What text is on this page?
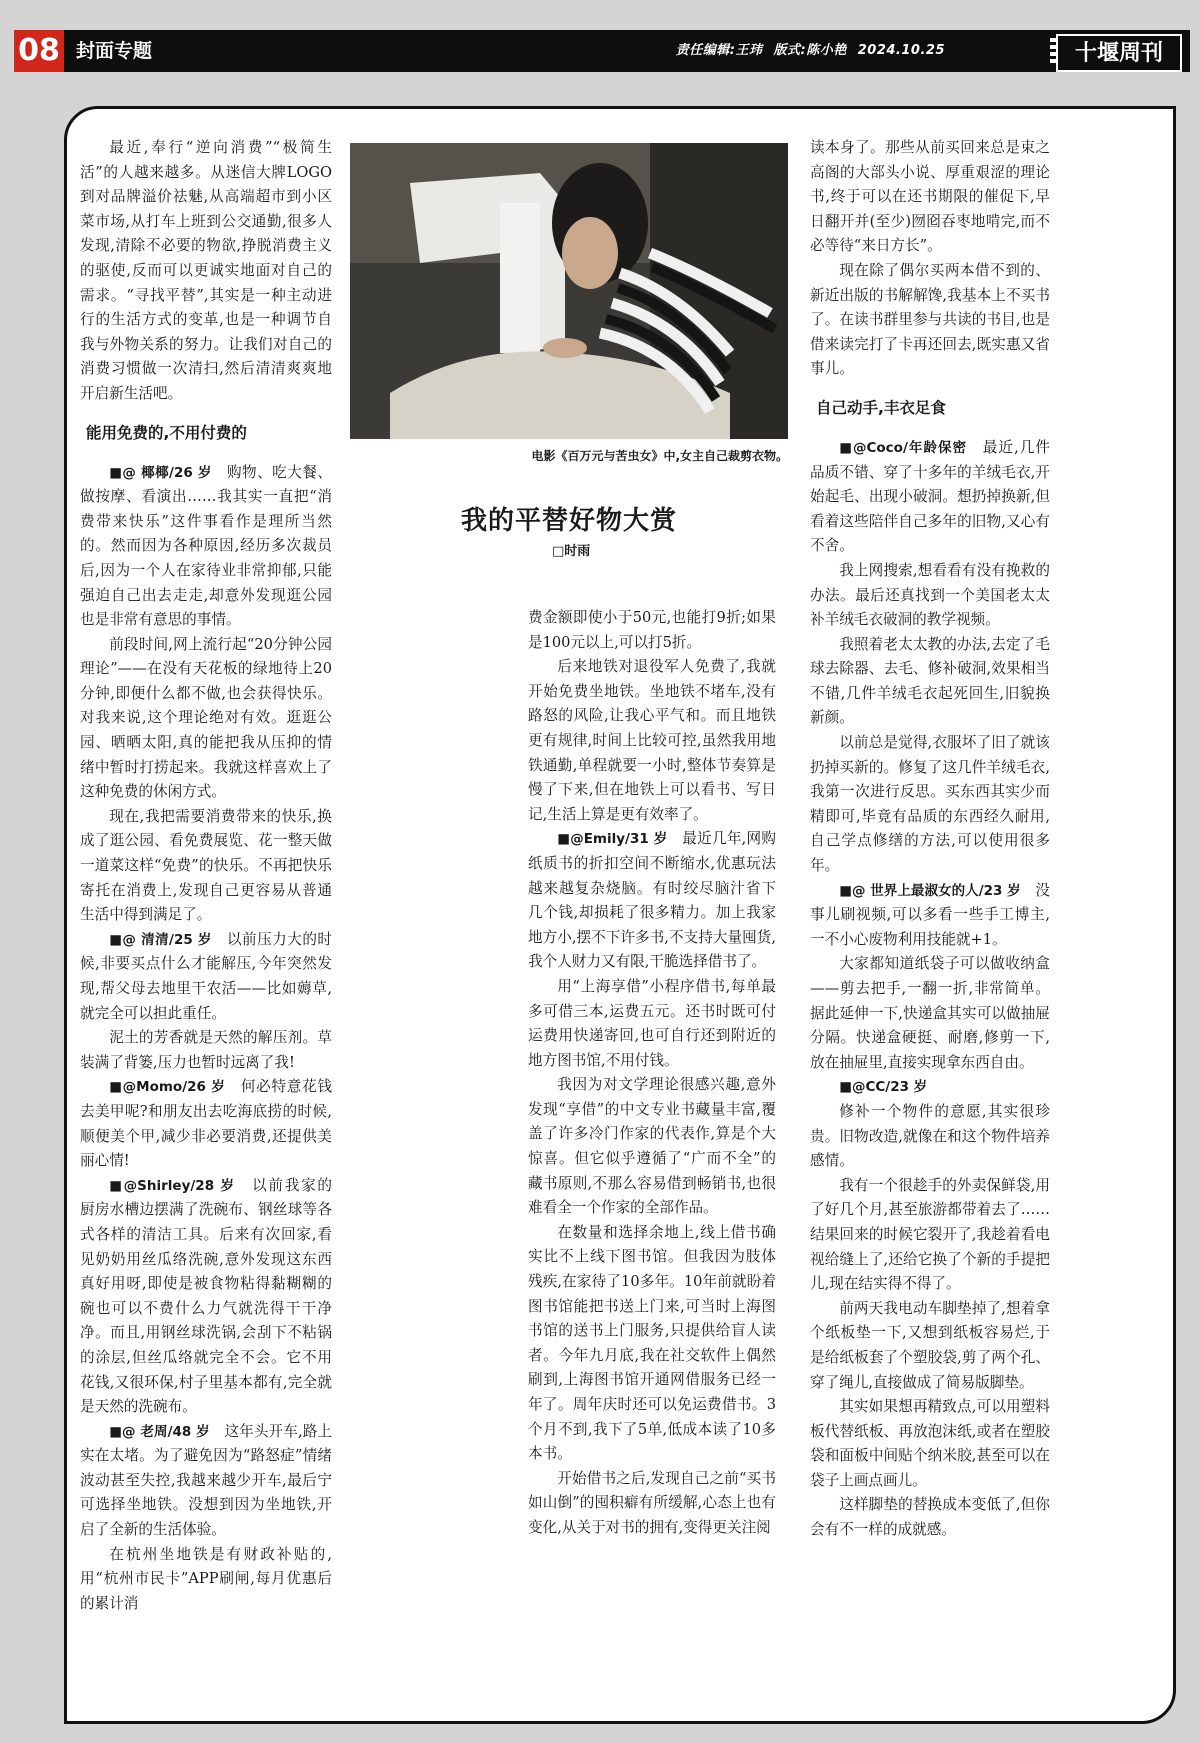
08 封面专题	责任编辑:王玮 版式:陈小艳 2024.10.25	十堰周刊

最近,奉行“逆向消费”“极简生活”的人越来越多。从迷信大牌LOGO到对品牌溢价祛魅,从高端超市到小区菜市场,从打车上班到公交通勤,很多人发现,清除不必要的物欲,挣脱消费主义的驱使,反而可以更诚实地面对自己的需求。“寻找平替”,其实是一种主动进行的生活方式的变革,也是一种调节自我与外物关系的努力。让我们对自己的消费习惯做一次清扫,然后清清爽爽地开启新生活吧。

能用免费的,不用付费的

■@ 椰椰/26 岁　 购物、吃大餐、做按摩、看演出……我其实一直把“消费带来快乐”这件事看作是理所当然的。然而因为各种原因,经历多次裁员后,因为一个人在家待业非常抑郁,只能强迫自己出去走走,却意外发现逛公园也是非常有意思的事情。

前段时间,网上流行起“20分钟公园理论”——在没有天花板的绿地待上20分钟,即便什么都不做,也会获得快乐。对我来说,这个理论绝对有效。逛逛公园、晒晒太阳,真的能把我从压抑的情绪中暂时打捞起来。我就这样喜欢上了这种免费的休闲方式。

现在,我把需要消费带来的快乐,换成了逛公园、看免费展览、花一整天做一道菜这样“免费”的快乐。不再把快乐寄托在消费上,发现自己更容易从普通生活中得到满足了。

■@ 清清/25 岁　 以前压力大的时候,非要买点什么才能解压,今年突然发现,帮父母去地里干农活——比如薅草,就完全可以担此重任。

泥土的芳香就是天然的解压剂。草装满了背篓,压力也暂时远离了我!

■@Momo/26 岁　 何必特意花钱去美甲呢?和朋友出去吃海底捞的时候,顺便美个甲,减少非必要消费,还提供美丽心情!

■@Shirley/28 岁　 以前我家的厨房水槽边摆满了洗碗布、钢丝球等各式各样的清洁工具。后来有次回家,看见奶奶用丝瓜络洗碗,意外发现这东西真好用呀,即使是被食物粘得黏糊糊的碗也可以不费什么力气就洗得干干净净。而且,用钢丝球洗锅,会刮下不粘锅的涂层,但丝瓜络就完全不会。它不用花钱,又很环保,村子里基本都有,完全就是天然的洗碗布。

■@ 老周/48 岁　 这年头开车,路上实在太堵。为了避免因为“路怒症”情绪波动甚至失控,我越来越少开车,最后宁可选择坐地铁。没想到因为坐地铁,开启了全新的生活体验。

在杭州坐地铁是有财政补贴的,用“杭州市民卡”APP刷闸,每月优惠后的累计消

电影《百万元与苦虫女》中,女主自己裁剪衣物。
我的平替好物大赏
□时雨

费金额即使小于50元,也能打9折;如果是100元以上,可以打5折。

后来地铁对退役军人免费了,我就开始免费坐地铁。坐地铁不堵车,没有路怒的风险,让我心平气和。而且地铁更有规律,时间上比较可控,虽然我用地铁通勤,单程就要一小时,整体节奏算是慢了下来,但在地铁上可以看书、写日记,生活上算是更有效率了。

■@Emily/31 岁　 最近几年,网购纸质书的折扣空间不断缩水,优惠玩法越来越复杂烧脑。有时绞尽脑汁省下几个钱,却损耗了很多精力。加上我家地方小,摆不下许多书,不支持大量囤货,我个人财力又有限,干脆选择借书了。

用“上海享借”小程序借书,每单最多可借三本,运费五元。还书时既可付运费用快递寄回,也可自行还到附近的地方图书馆,不用付钱。

我因为对文学理论很感兴趣,意外发现“享借”的中文专业书藏量丰富,覆盖了许多冷门作家的代表作,算是个大惊喜。但它似乎遵循了“广而不全”的藏书原则,不那么容易借到畅销书,也很难看全一个作家的全部作品。

在数量和选择余地上,线上借书确实比不上线下图书馆。但我因为肢体残疾,在家待了10多年。10年前就盼着图书馆能把书送上门来,可当时上海图书馆的送书上门服务,只提供给盲人读者。今年九月底,我在社交软件上偶然刷到,上海图书馆开通网借服务已经一年了。周年庆时还可以免运费借书。3个月不到,我下了5单,低成本读了10多本书。

开始借书之后,发现自己之前“买书如山倒”的囤积癖有所缓解,心态上也有变化,从关于对书的拥有,变得更关注阅

读本身了。那些从前买回来总是束之高阁的大部头小说、厚重艰涩的理论书,终于可以在还书期限的催促下,早日翻开并(至少)囫囵吞枣地啃完,而不必等待“来日方长”。

现在除了偶尔买两本借不到的、新近出版的书解解馋,我基本上不买书了。在读书群里参与共读的书目,也是借来读完打了卡再还回去,既实惠又省事儿。

自己动手,丰衣足食

■@Coco/年龄保密　 最近,几件品质不错、穿了十多年的羊绒毛衣,开始起毛、出现小破洞。想扔掉换新,但看着这些陪伴自己多年的旧物,又心有不舍。

我上网搜索,想看看有没有挽救的办法。最后还真找到一个美国老太太补羊绒毛衣破洞的教学视频。

我照着老太太教的办法,去定了毛球去除器、去毛、修补破洞,效果相当不错,几件羊绒毛衣起死回生,旧貌换新颜。

以前总是觉得,衣服坏了旧了就该扔掉买新的。修复了这几件羊绒毛衣,我第一次进行反思。买东西其实少而精即可,毕竟有品质的东西经久耐用,自己学点修缮的方法,可以使用很多年。

■@ 世界上最淑女的人/23 岁　 没事儿刷视频,可以多看一些手工博主,一不小心废物利用技能就+1。

大家都知道纸袋子可以做收纳盒——剪去把手,一翻一折,非常简单。据此延伸一下,快递盒其实可以做抽屉分隔。快递盒硬挺、耐磨,修剪一下,放在抽屉里,直接实现拿东西自由。

■@CC/23 岁　

修补一个物件的意愿,其实很珍贵。旧物改造,就像在和这个物件培养感情。

我有一个很趁手的外卖保鲜袋,用了好几个月,甚至旅游都带着去了……结果回来的时候它裂开了,我趁着看电视给缝上了,还给它换了个新的手提把儿,现在结实得不得了。

前两天我电动车脚垫掉了,想着拿个纸板垫一下,又想到纸板容易烂,于是给纸板套了个塑胶袋,剪了两个孔、穿了绳儿,直接做成了简易版脚垫。

其实如果想再精致点,可以用塑料板代替纸板、再放泡沫纸,或者在塑胶袋和面板中间贴个纳米胶,甚至可以在袋子上画点画儿。

这样脚垫的替换成本变低了,但你会有不一样的成就感。
